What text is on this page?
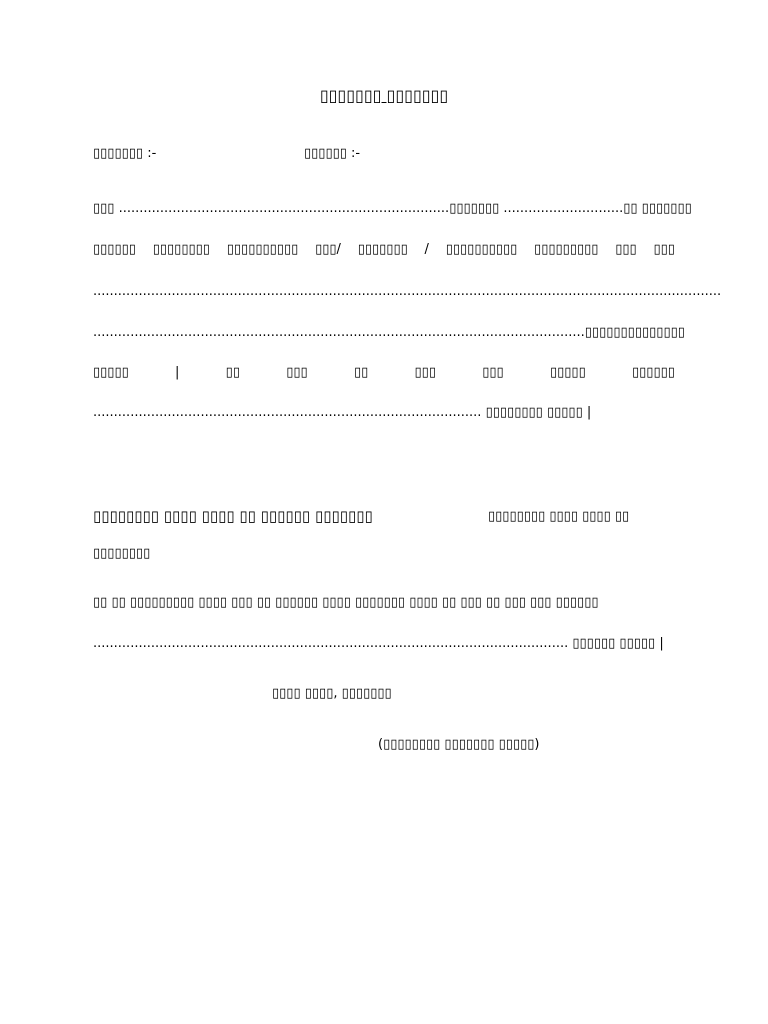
▯▯▯▯▯▯▯ ▯▯▯▯▯▯▯
▯▯▯▯▯▯▯ :-	▯▯▯▯▯▯ :-
▯▯▯ ................................................................................ ▯▯▯▯▯▯▯ ............................. ▯▯ ▯▯▯▯▯▯▯
▯▯▯▯▯▯ ▯▯▯▯▯▯▯▯ ▯▯▯▯▯▯▯▯▯▯ ▯▯▯/ ▯▯▯▯▯▯▯ / ▯▯▯▯▯▯▯▯▯▯ ▯▯▯▯▯▯▯▯▯ ▯▯▯ ▯▯▯
.......................................... ..............................................................................................................
.................................. .....................................................................................▯▯ ▯▯▯▯▯▯▯▯▯ ▯▯▯
▯▯▯▯▯	|	▯▯	▯▯▯	▯▯	▯▯▯	▯▯▯	▯▯▯▯▯	▯▯▯▯▯▯
.............................................................................................. ▯▯▯▯▯▯▯▯ ▯▯▯▯▯ |
▯▯▯▯▯▯▯▯ ▯▯▯▯ ▯▯▯▯ ▯▯ ▯▯▯▯▯▯ ▯▯▯▯▯▯▯	▯▯▯▯▯▯▯▯ ▯▯▯▯ ▯▯▯▯ ▯▯
▯▯▯▯▯▯▯▯
▯▯ ▯▯ ▯▯▯▯▯▯▯▯▯ ▯▯▯▯ ▯▯▯ ▯▯ ▯▯▯▯▯▯ ▯▯▯▯ ▯▯▯▯▯▯▯ ▯▯▯▯ ▯▯ ▯▯▯ ▯▯ ▯▯▯ ▯▯▯ ▯▯▯▯▯▯
................................................................................................................... ▯▯▯▯▯▯ ▯▯▯▯▯ |
▯▯▯▯ ▯▯▯▯, ▯▯▯▯▯▯▯
(▯▯▯▯▯▯▯▯ ▯▯▯▯▯▯▯ ▯▯▯▯▯)
